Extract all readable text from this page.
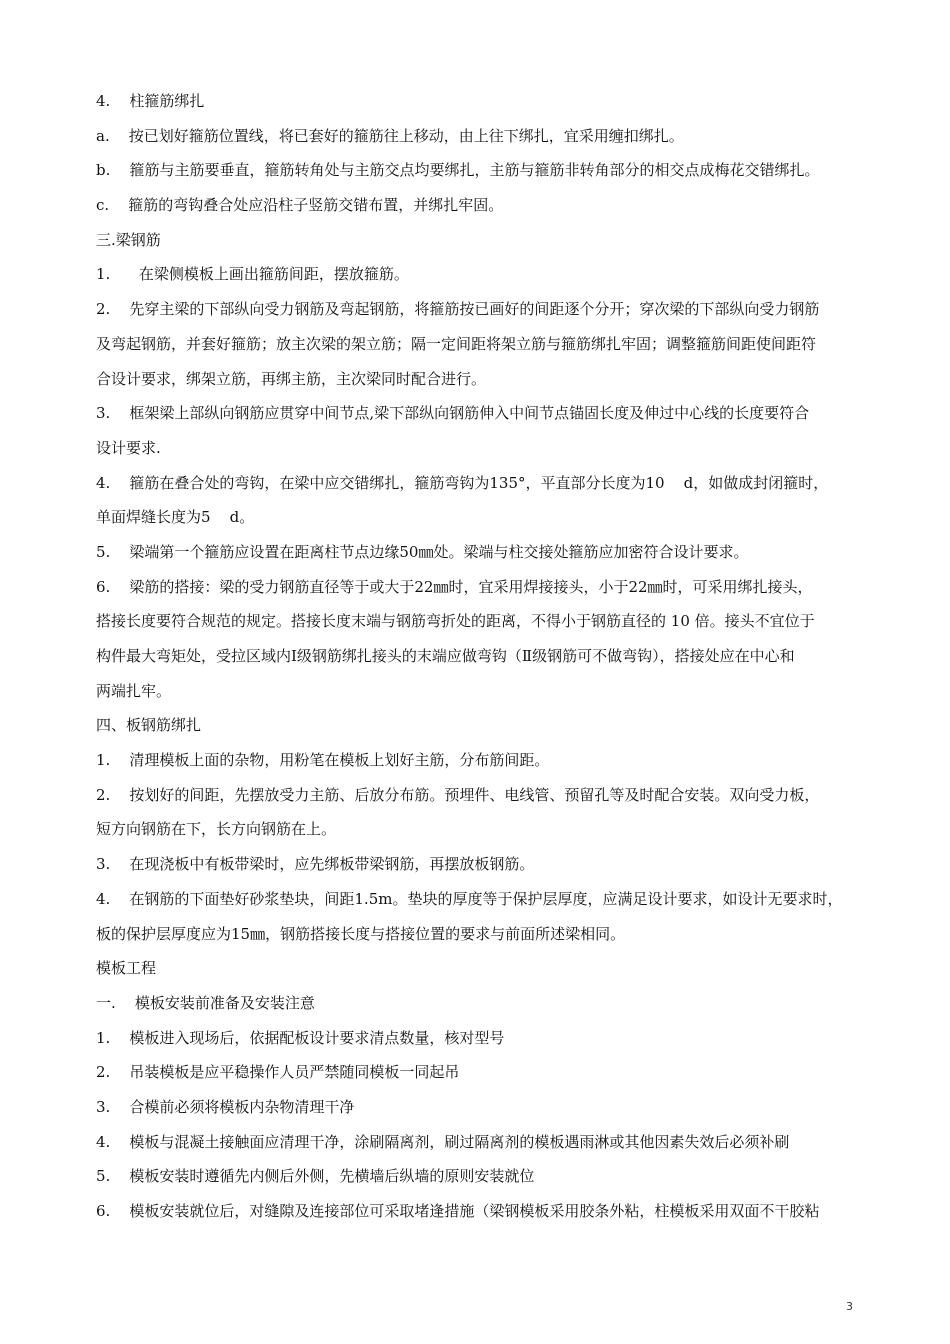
4.    柱箍筋绑扎
a.    按已划好箍筋位置线，将已套好的箍筋往上移动，由上往下绑扎，宜采用缠扣绑扎。
b.    箍筋与主筋要垂直，箍筋转角处与主筋交点均要绑扎，主筋与箍筋非转角部分的相交点成梅花交错绑扎。
c.    箍筋的弯钩叠合处应沿柱子竖筋交错布置，并绑扎牢固。
三.梁钢筋
1.      在梁侧模板上画出箍筋间距，摆放箍筋。
2.    先穿主梁的下部纵向受力钢筋及弯起钢筋，将箍筋按已画好的间距逐个分开；穿次梁的下部纵向受力钢筋
及弯起钢筋，并套好箍筋；放主次梁的架立筋；隔一定间距将架立筋与箍筋绑扎牢固；调整箍筋间距使间距符
合设计要求，绑架立筋，再绑主筋，主次梁同时配合进行。
3.    框架梁上部纵向钢筋应贯穿中间节点,梁下部纵向钢筋伸入中间节点锚固长度及伸过中心线的长度要符合
设计要求.
4.    箍筋在叠合处的弯钩，在梁中应交错绑扎，箍筋弯钩为135°，平直部分长度为10    d，如做成封闭箍时，
单面焊缝长度为5    d。
5.    梁端第一个箍筋应设置在距离柱节点边缘50㎜处。梁端与柱交接处箍筋应加密符合设计要求。
6.    梁筋的搭接：梁的受力钢筋直径等于或大于22㎜时，宜采用焊接接头，小于22㎜时，可采用绑扎接头，
搭接长度要符合规范的规定。搭接长度末端与钢筋弯折处的距离，不得小于钢筋直径的 10 倍。接头不宜位于
构件最大弯矩处，受拉区域内Ⅰ级钢筋绑扎接头的末端应做弯钩（Ⅱ级钢筋可不做弯钩），搭接处应在中心和
两端扎牢。
四、板钢筋绑扎
1.    清理模板上面的杂物，用粉笔在模板上划好主筋，分布筋间距。
2.    按划好的间距，先摆放受力主筋、后放分布筋。预埋件、电线管、预留孔等及时配合安装。双向受力板，
短方向钢筋在下，长方向钢筋在上。
3.    在现浇板中有板带梁时，应先绑板带梁钢筋，再摆放板钢筋。
4.    在钢筋的下面垫好砂浆垫块，间距1.5m。垫块的厚度等于保护层厚度，应满足设计要求，如设计无要求时，
板的保护层厚度应为15㎜，钢筋搭接长度与搭接位置的要求与前面所述梁相同。
模板工程
一.    模板安装前准备及安装注意
1.    模板进入现场后，依据配板设计要求清点数量，核对型号
2.    吊装模板是应平稳操作人员严禁随同模板一同起吊
3.    合模前必须将模板内杂物清理干净
4.    模板与混凝土接触面应清理干净，涂刷隔离剂，刷过隔离剂的模板遇雨淋或其他因素失效后必须补刷
5.    模板安装时遵循先内侧后外侧，先横墙后纵墙的原则安装就位
6.    模板安装就位后，对缝隙及连接部位可采取堵逢措施（梁钢模板采用胶条外粘，柱模板采用双面不干胶粘
3
